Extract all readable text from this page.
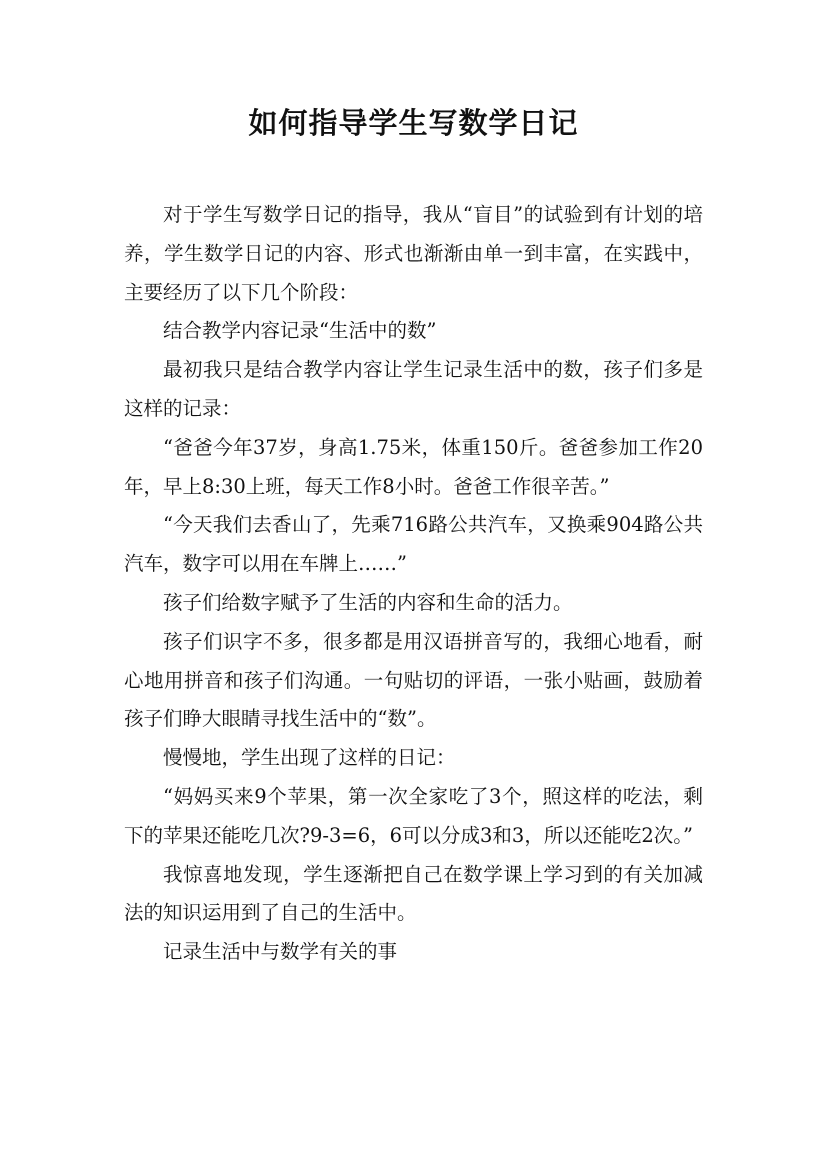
如何指导学生写数学日记

对于学生写数学日记的指导，我从“盲目”的试验到有计划的培养，学生数学日记的内容、形式也渐渐由单一到丰富，在实践中，主要经历了以下几个阶段：

结合教学内容记录“生活中的数”

最初我只是结合教学内容让学生记录生活中的数，孩子们多是这样的记录：

“爸爸今年37岁，身高1.75米，体重150斤。爸爸参加工作20年，早上8:30上班，每天工作8小时。爸爸工作很辛苦。”

“今天我们去香山了，先乘716路公共汽车，又换乘904路公共汽车，数字可以用在车牌上……”

孩子们给数字赋予了生活的内容和生命的活力。

孩子们识字不多，很多都是用汉语拼音写的，我细心地看，耐心地用拼音和孩子们沟通。一句贴切的评语，一张小贴画，鼓励着孩子们睁大眼睛寻找生活中的“数”。

慢慢地，学生出现了这样的日记：

“妈妈买来9个苹果，第一次全家吃了3个，照这样的吃法，剩下的苹果还能吃几次?9-3=6，6可以分成3和3，所以还能吃2次。”

我惊喜地发现，学生逐渐把自己在数学课上学习到的有关加减法的知识运用到了自己的生活中。

记录生活中与数学有关的事
